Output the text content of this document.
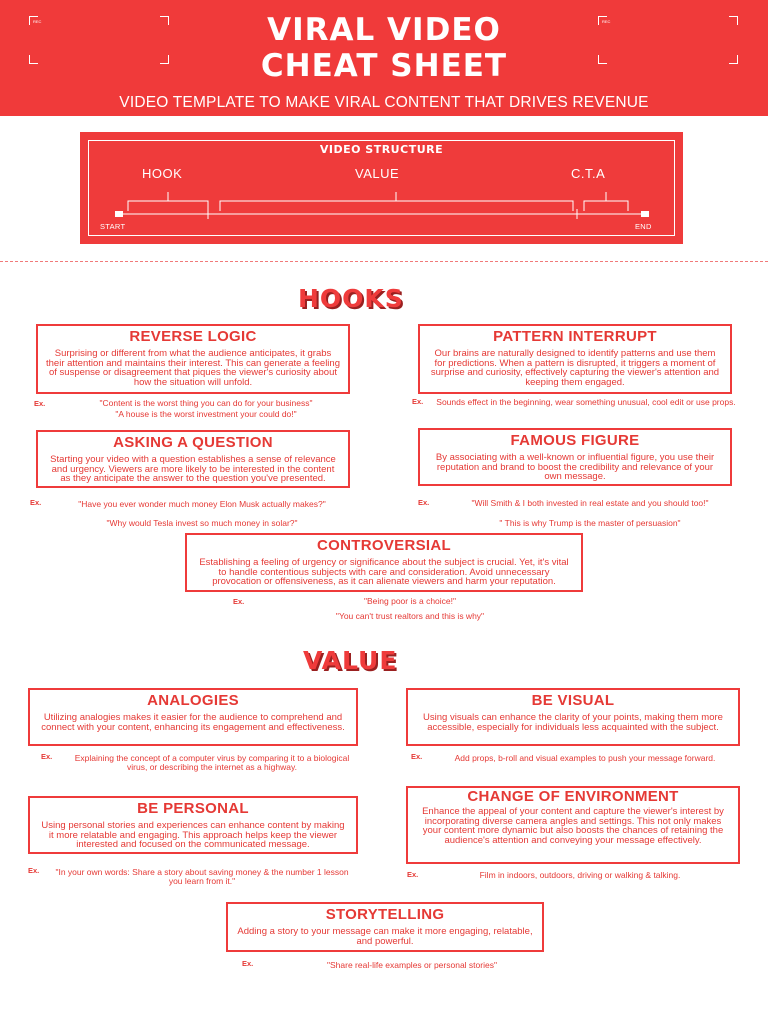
REC	REC
VIRAL VIDEO
CHEAT SHEET
VIDEO TEMPLATE TO MAKE VIRAL CONTENT THAT DRIVES REVENUE
VIDEO STRUCTURE
HOOK	VALUE	C.T.A
START	END
HOOKS
REVERSE LOGIC
Surprising or different from what the audience anticipates, it grabs their attention and maintains their interest. This can generate a feeling of suspense or disagreement that piques the viewer's curiosity about how the situation will unfold.
Ex.	"Content is the worst thing you can do for your business"
"A house is the worst investment your could do!"
PATTERN INTERRUPT
Our brains are naturally designed to identify patterns and use them for predictions. When a pattern is disrupted, it triggers a moment of surprise and curiosity, effectively capturing the viewer's attention and keeping them engaged.
Ex. Sounds effect in the beginning, wear something unusual, cool edit or use props.
ASKING A QUESTION
Starting your video with a question establishes a sense of relevance and urgency. Viewers are more likely to be interested in the content as they anticipate the answer to the question you've presented.
Ex.	"Have you ever wonder much money Elon Musk actually makes?"
"Why would Tesla invest so much money in solar?"
FAMOUS FIGURE
By associating with a well-known or influential figure, you use their reputation and brand to boost the credibility and relevance of your own message.
Ex.	"Will Smith & I both invested in real estate and you should too!"
" This is why Trump is the master of persuasion"
CONTROVERSIAL
Establishing a feeling of urgency or significance about the subject is crucial. Yet, it's vital to handle contentious subjects with care and consideration. Avoid unnecessary provocation or offensiveness, as it can alienate viewers and harm your reputation.
Ex.	"Being poor is a choice!"
"You can't trust realtors and this is why"
VALUE
ANALOGIES
Utilizing analogies makes it easier for the audience to comprehend and connect with your content, enhancing its engagement and effectiveness.
Ex.	Explaining the concept of a computer virus by comparing it to a biological virus, or describing the internet as a highway.
BE VISUAL
Using visuals can enhance the clarity of your points, making them more accessible, especially for individuals less acquainted with the subject.
Ex.	Add props, b-roll and visual examples to push your message forward.
BE PERSONAL
Using personal stories and experiences can enhance content by making it more relatable and engaging. This approach helps keep the viewer interested and focused on the communicated message.
Ex.	"In your own words: Share a story about saving money & the number 1 lesson you learn from it."
CHANGE OF ENVIRONMENT
Enhance the appeal of your content and capture the viewer's interest by incorporating diverse camera angles and settings. This not only makes your content more dynamic but also boosts the chances of retaining the audience's attention and conveying your message effectively.
Ex.	Film in indoors, outdoors, driving or walking & talking.
STORYTELLING
Adding a story to your message can make it more engaging, relatable, and powerful.
Ex.	"Share real-life examples or personal stories"
